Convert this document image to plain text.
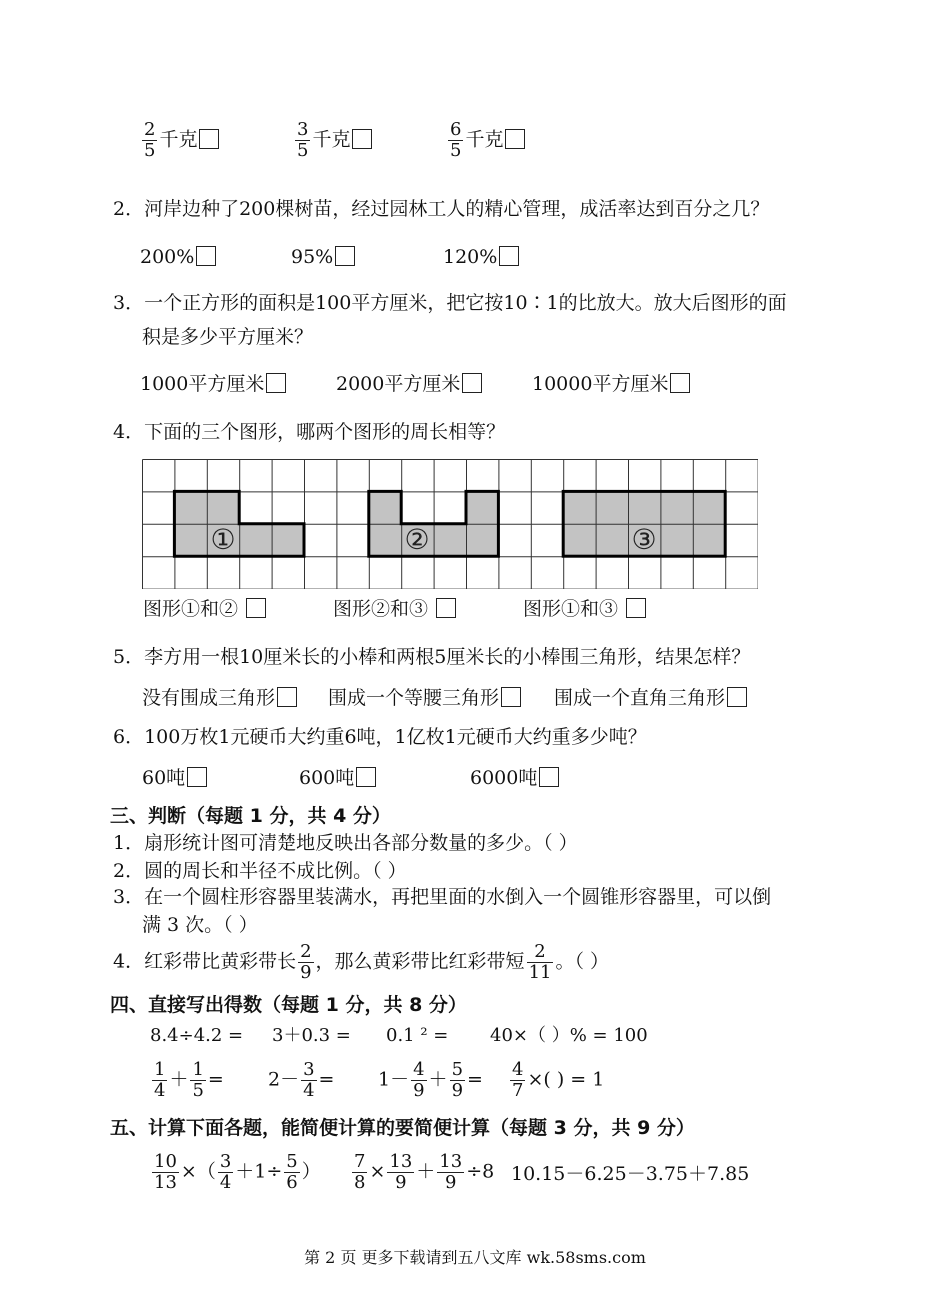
$\frac{2}{5}$ 千克	$\frac{3}{5}$ 千克	$\frac{6}{5}$ 千克
2．河岸边种了200棵树苗，经过园林工人的精心管理，成活率达到百分之几？
200%	95%	120%
3．一个正方形的面积是100平方厘米，把它按10∶1的比放大。放大后图形的面
积是多少平方厘米？
1000平方厘米	2000平方厘米	10000平方厘米
4．下面的三个图形，哪两个图形的周长相等？
①	②	③
图形①和②	图形②和③	图形①和③
5．李方用一根10厘米长的小棒和两根5厘米长的小棒围三角形，结果怎样？
没有围成三角形	围成一个等腰三角形	围成一个直角三角形
6．100万枚1元硬币大约重6吨，1亿枚1元硬币大约重多少吨？
60吨	600吨	6000吨
三、判断（每题 1 分，共 4 分）
1．扇形统计图可清楚地反映出各部分数量的多少。（ ）
2．圆的周长和半径不成比例。（ ）
3．在一个圆柱形容器里装满水，再把里面的水倒入一个圆锥形容器里，可以倒
满 3 次。（ ）
4．红彩带比黄彩带长 $\frac{2}{9}$ ，那么黄彩带比红彩带短 $\frac{2}{11}$ 。（ ）
四、直接写出得数（每题 1 分，共 8 分）
8.4÷4.2 = 3＋0.3 = 0.1 ² = 40×（ ）% = 100
$\frac{1}{4} + \frac{1}{5} = 2- \frac{3}{4} = 1- \frac{4}{9} + \frac{5}{9} = \frac{4}{7}$ ×( ) = 1
五、计算下面各题，能简便计算的要简便计算（每题 3 分，共 9 分）
$\frac{10}{13}$ ×（ $\frac{3}{4} +1\div \frac{5}{6}$ ） $\frac{7}{8} \times \frac{13}{9} + \frac{13}{9} \div 8$ 10.15－6.25－3.75＋7.85
第 2 页 更多下载请到五八文库 wk.58sms.com
